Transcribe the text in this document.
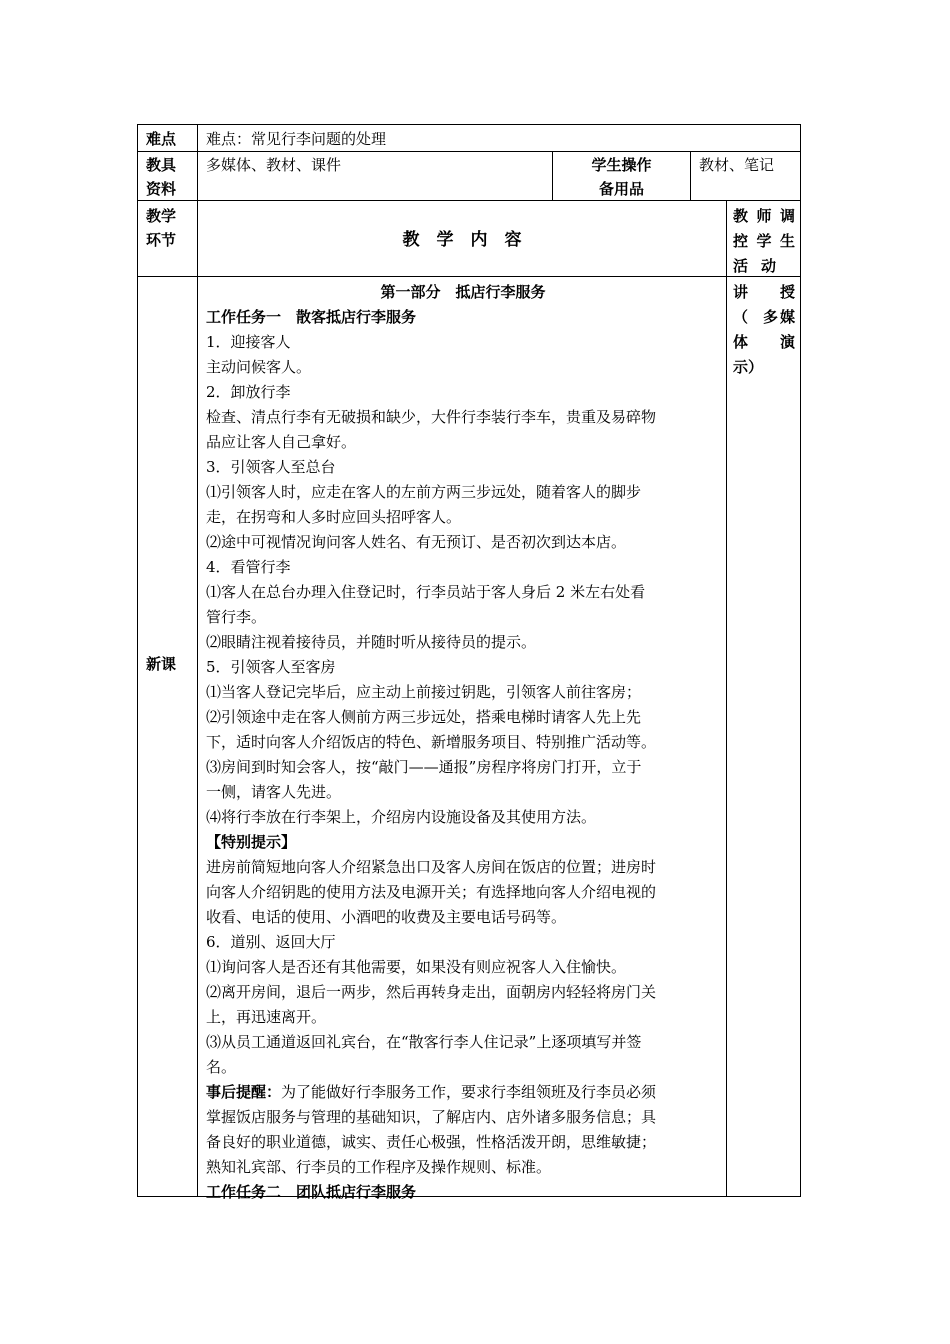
难点 难点：常见行李问题的处理
教具
资料
多媒体、教材、课件	学生操作
备用品
教材、笔记
教学
环节	教　学　内　容
教 师 调
控 学 生
活 动
新课
讲 授
（ 多 媒
体 演
示）

第一部分　抵店行李服务

工作任务一　散客抵店行李服务

1．迎接客人

主动问候客人。

2．卸放行李

检查、清点行李有无破损和缺少，大件行李装行李车，贵重及易碎物

品应让客人自己拿好。

3．引领客人至总台

⑴引领客人时，应走在客人的左前方两三步远处，随着客人的脚步

走，在拐弯和人多时应回头招呼客人。

⑵途中可视情况询问客人姓名、有无预订、是否初次到达本店。

4．看管行李

⑴客人在总台办理入住登记时，行李员站于客人身后 2 米左右处看

管行李。

⑵眼睛注视着接待员，并随时听从接待员的提示。

5．引领客人至客房

⑴当客人登记完毕后，应主动上前接过钥匙，引领客人前往客房；

⑵引领途中走在客人侧前方两三步远处，搭乘电梯时请客人先上先

下，适时向客人介绍饭店的特色、新增服务项目、特别推广活动等。

⑶房间到时知会客人，按“敲门——通报”房程序将房门打开，立于

一侧，请客人先进。

⑷将行李放在行李架上，介绍房内设施设备及其使用方法。

【特别提示】

进房前简短地向客人介绍紧急出口及客人房间在饭店的位置；进房时

向客人介绍钥匙的使用方法及电源开关；有选择地向客人介绍电视的

收看、电话的使用、小酒吧的收费及主要电话号码等。

6．道别、返回大厅

⑴询问客人是否还有其他需要，如果没有则应祝客人入住愉快。

⑵离开房间，退后一两步，然后再转身走出，面朝房内轻轻将房门关

上，再迅速离开。

⑶从员工通道返回礼宾台，在“散客行李人住记录”上逐项填写并签

名。

事后提醒：为了能做好行李服务工作，要求行李组领班及行李员必须

掌握饭店服务与管理的基础知识，了解店内、店外诸多服务信息；具

备良好的职业道德，诚实、责任心极强，性格活泼开朗，思维敏捷；

熟知礼宾部、行李员的工作程序及操作规则、标准。

工作任务二　团队抵店行李服务
